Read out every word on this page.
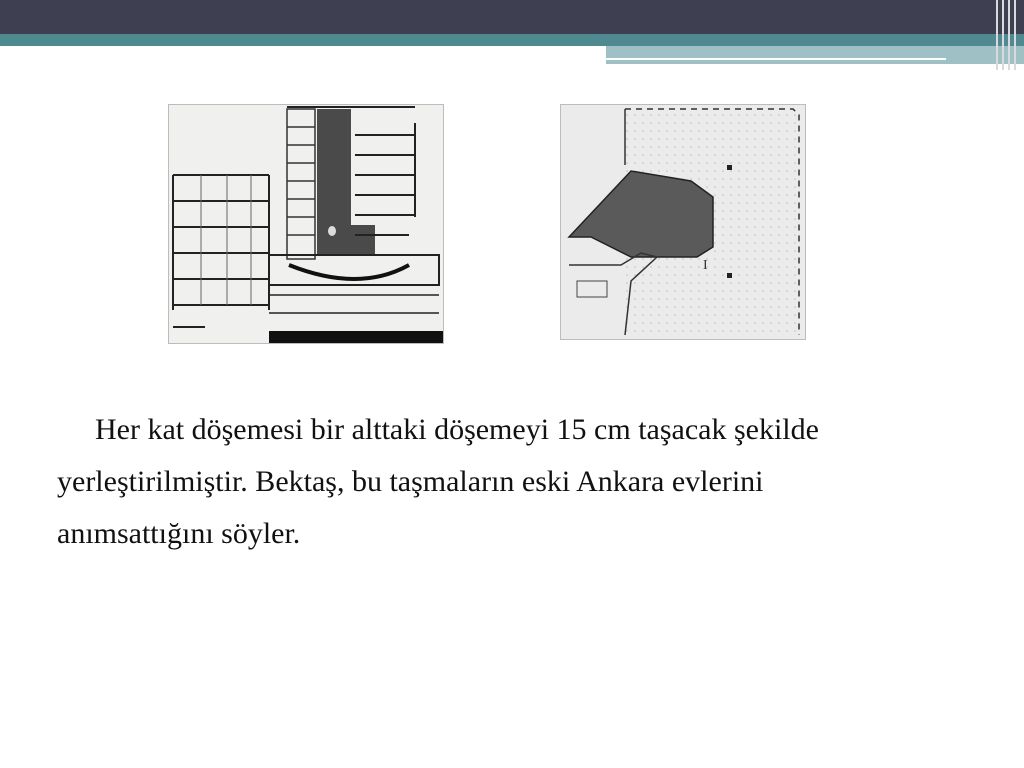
I

Her kat döşemesi bir alttaki döşemeyi 15 cm taşacak şekilde yerleştirilmiştir. Bektaş, bu taşmaların eski Ankara evlerini anımsattığını söyler.
